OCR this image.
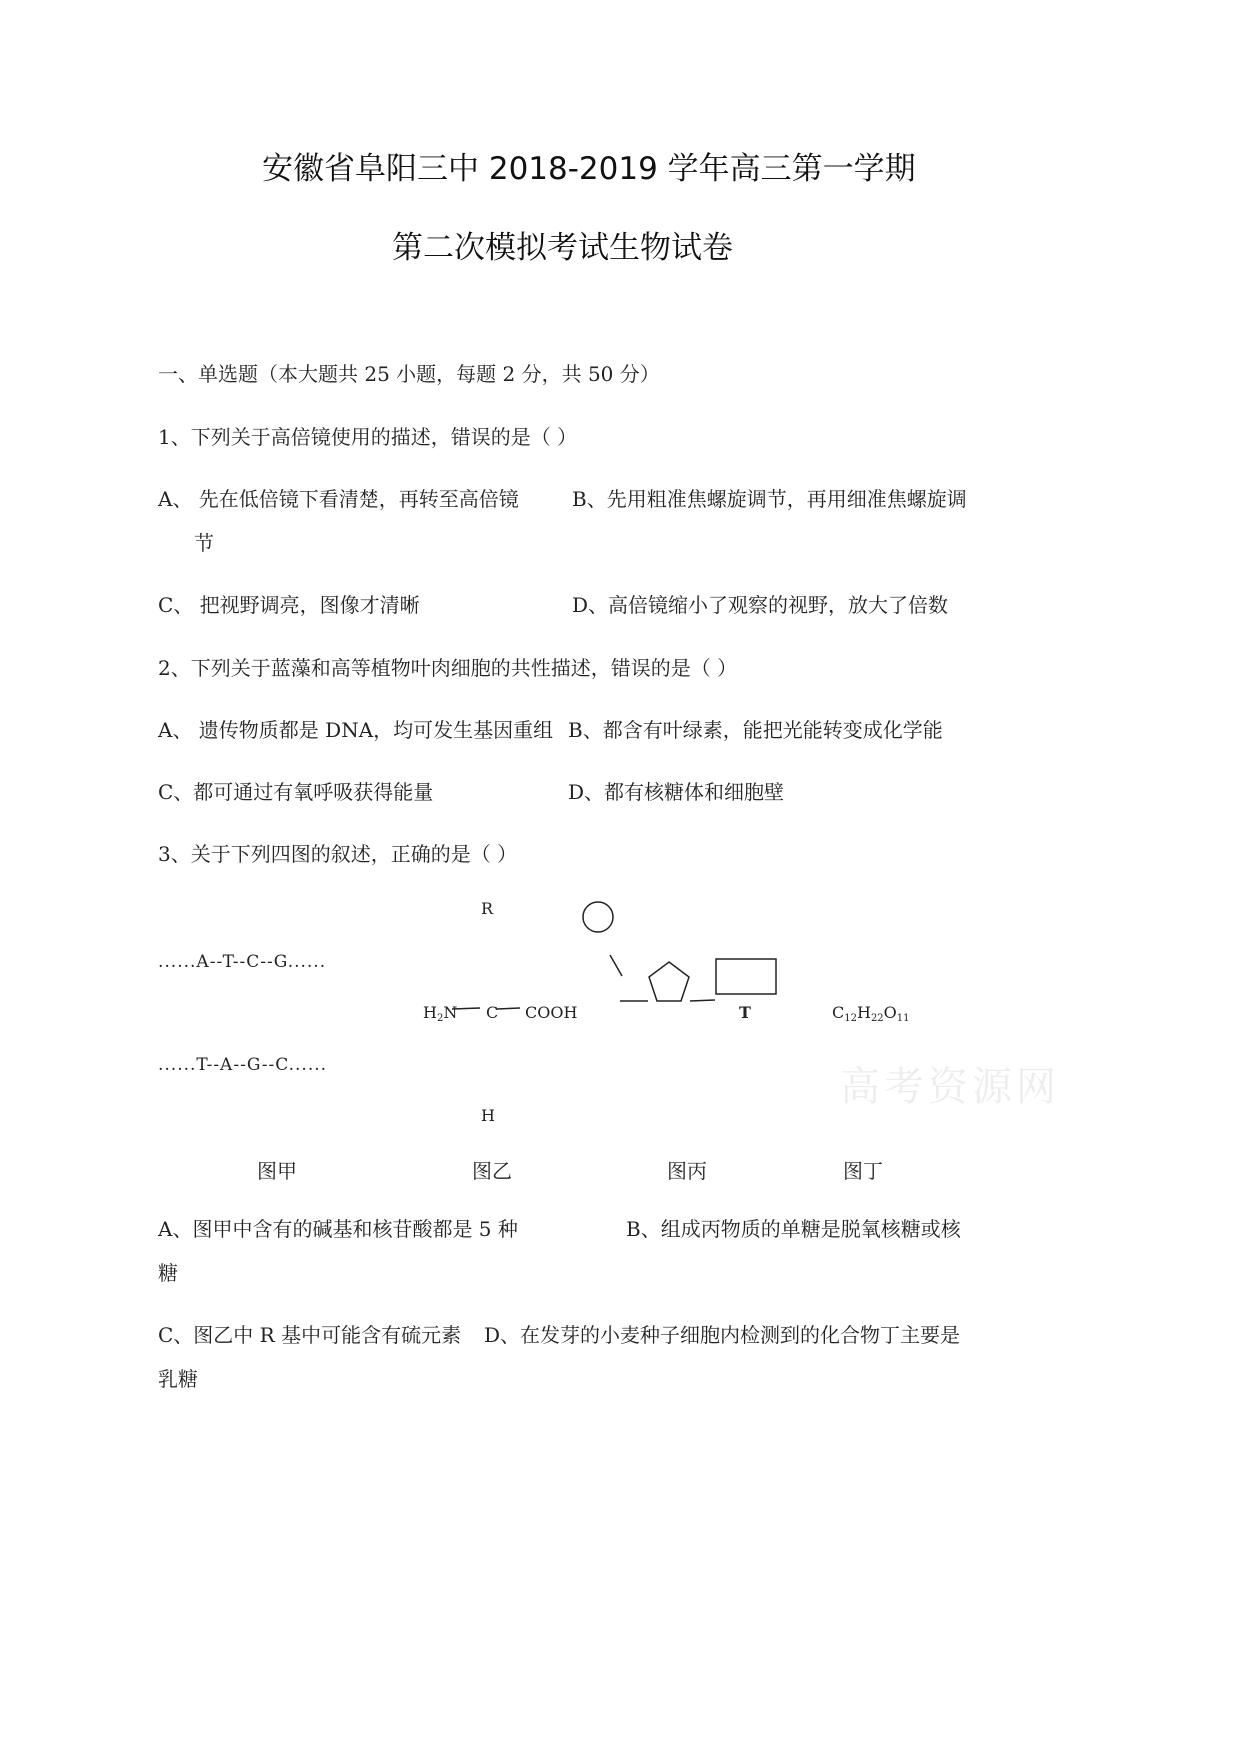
安徽省阜阳三中 2018-2019 学年高三第一学期
第二次模拟考试生物试卷
一、单选题（本大题共 25 小题，每题 2 分，共 50 分）
1、下列关于高倍镜使用的描述，错误的是（ ）
A、 先在低倍镜下看清楚，再转至高倍镜	B、先用粗准焦螺旋调节，再用细准焦螺旋调
节
C、 把视野调亮，图像才清晰	D、高倍镜缩小了观察的视野，放大了倍数
2、下列关于蓝藻和高等植物叶肉细胞的共性描述，错误的是（ ）
A、 遗传物质都是 DNA，均可发生基因重组 B、都含有叶绿素，能把光能转变成化学能
C、都可通过有氧呼吸获得能量	D、都有核糖体和细胞壁
3、关于下列四图的叙述，正确的是（ ）
......A--T--C--G......
......T--A--G--C......
R
$H_2N$ C COOH
H
T	$C_{12}H_{22}O_{11}$
高考资源网
图甲	图乙	图丙	图丁
A、图甲中含有的碱基和核苷酸都是 5 种	B、组成丙物质的单糖是脱氧核糖或核
糖
C、图乙中 R 基中可能含有硫元素 D、在发芽的小麦种子细胞内检测到的化合物丁主要是
乳糖
